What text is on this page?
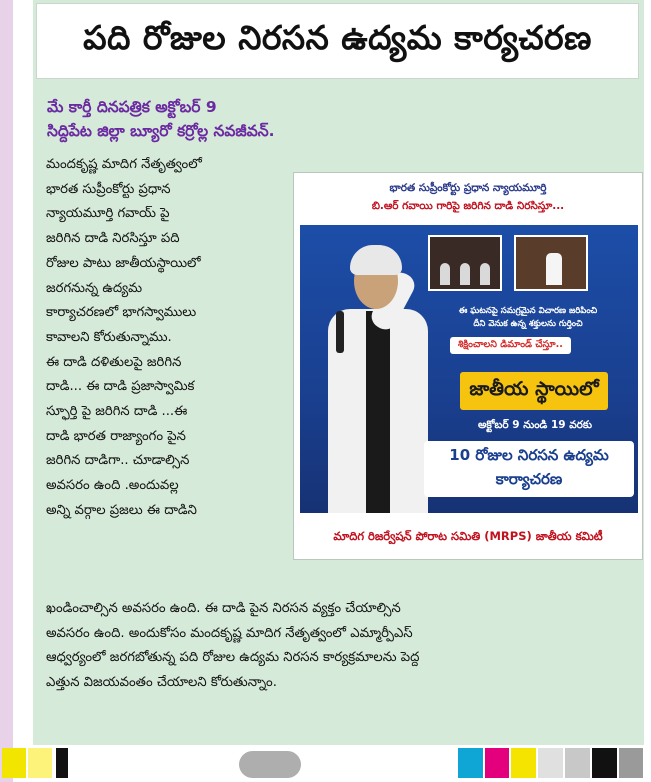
పది రోజుల నిరసన ఉద్యమ కార్యచరణ
మే కార్తీ దినపత్రిక అక్టోబర్ 9
సిద్దిపేట జిల్లా బ్యూరో కర్రోల్ల నవజీవన్.
మందకృష్ణ మాదిగ నేతృత్వంలో
భారత సుప్రీంకోర్టు ప్రధాన
న్యాయమూర్తి గవాయ్ పై
జరిగిన దాడి నిరసిస్తూ పది
రోజుల పాటు జాతీయస్థాయిలో
జరగనున్న ఉద్యమ
కార్యాచరణలో భాగస్వాములు
కావాలని కోరుతున్నాము.
ఈ దాడి దళితులపై జరిగిన
దాడి... ఈ దాడి ప్రజాస్వామిక
స్ఫూర్తి పై జరిగిన దాడి ...ఈ
దాడి భారత రాజ్యాంగం పైన
జరిగిన దాడిగా.. చూడాల్సిన
అవసరం ఉంది .అందువల్ల
అన్ని వర్గాల ప్రజలు ఈ దాడిని
ఖండించాల్సిన అవసరం ఉంది. ఈ దాడి పైన నిరసన వ్యక్తం చేయాల్సిన
అవసరం ఉంది. అందుకోసం మందకృష్ణ మాదిగ నేతృత్వంలో ఎమ్మార్పీఎస్
ఆధ్వర్యంలో జరగబోతున్న పది రోజుల ఉద్యమ నిరసన కార్యక్రమాలను పెద్ద
ఎత్తున విజయవంతం చేయాలని కోరుతున్నాం.
భారత సుప్రీంకోర్టు ప్రధాన న్యాయమూర్తి
బి.ఆర్ గవాయి గారిపై జరిగిన దాడి నిరసిస్తూ...
ఈ ఘటనపై సమగ్రమైన విచారణ జరిపించి
దీని వెనుక ఉన్న శక్తులను గుర్తించి
శిక్షించాలని డిమాండ్ చేస్తూ..
జాతీయ స్థాయిలో
అక్టోబర్ 9 నుండి 19 వరకు
10 రోజుల నిరసన ఉద్యమ
కార్యాచరణ
మాదిగ రిజర్వేషన్ పోరాట సమితి (MRPS) జాతీయ కమిటీ
